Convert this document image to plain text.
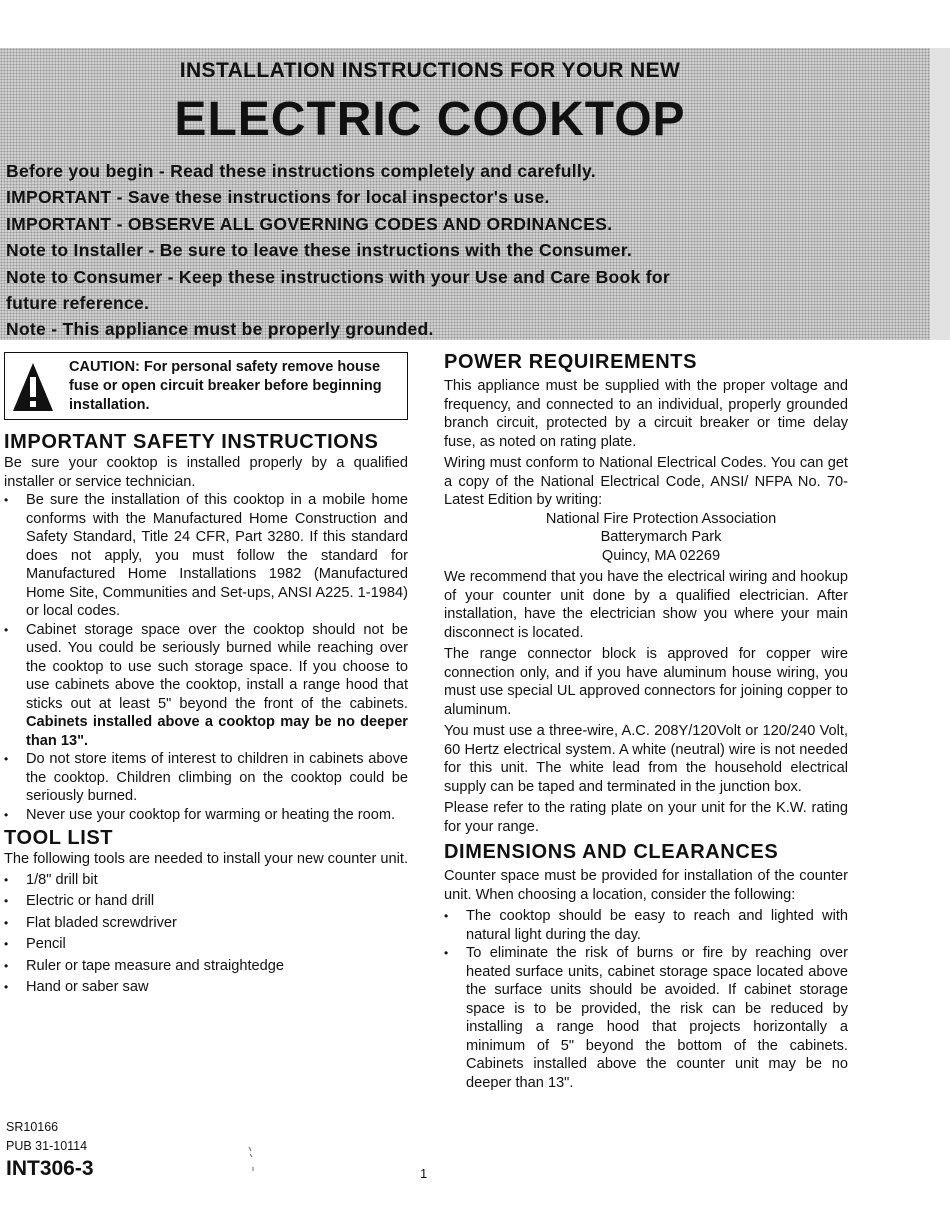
INSTALLATION INSTRUCTIONS FOR YOUR NEW
ELECTRIC COOKTOP
Before you begin - Read these instructions completely and carefully.
IMPORTANT - Save these instructions for local inspector's use.
IMPORTANT - OBSERVE ALL GOVERNING CODES AND ORDINANCES.
Note to Installer - Be sure to leave these instructions with the Consumer.
Note to Consumer - Keep these instructions with your Use and Care Book for
future reference.
Note - This appliance must be properly grounded.
CAUTION: For personal safety remove house fuse or open circuit breaker before beginning installation.
IMPORTANT SAFETY INSTRUCTIONS

Be sure your cooktop is installed properly by a qualified installer or service technician.

• Be sure the installation of this cooktop in a mobile home conforms with the Manufactured Home Construction and Safety Standard, Title 24 CFR, Part 3280. If this standard does not apply, you must follow the standard for Manufactured Home Installations 1982 (Manufactured Home Site, Communities and Set-ups, ANSI A225. 1-1984) or local codes.
• Cabinet storage space over the cooktop should not be used. You could be seriously burned while reaching over the cooktop to use such storage space. If you choose to use cabinets above the cooktop, install a range hood that sticks out at least 5" beyond the front of the cabinets. Cabinets installed above a cooktop may be no deeper than 13".
• Do not store items of interest to children in cabinets above the cooktop. Children climbing on the cooktop could be seriously burned.
• Never use your cooktop for warming or heating the room.
TOOL LIST

The following tools are needed to install your new counter unit.

• 1/8" drill bit
• Electric or hand drill
• Flat bladed screwdriver
• Pencil
• Ruler or tape measure and straightedge
• Hand or saber saw
POWER REQUIREMENTS

This appliance must be supplied with the proper voltage and frequency, and connected to an individual, properly grounded branch circuit, protected by a circuit breaker or time delay fuse, as noted on rating plate.

Wiring must conform to National Electrical Codes. You can get a copy of the National Electrical Code, ANSI/ NFPA No. 70-Latest Edition by writing:

National Fire Protection Association
Batterymarch Park
Quincy, MA 02269

We recommend that you have the electrical wiring and hookup of your counter unit done by a qualified electrician. After installation, have the electrician show you where your main disconnect is located.

The range connector block is approved for copper wire connection only, and if you have aluminum house wiring, you must use special UL approved connectors for joining copper to aluminum.

You must use a three-wire, A.C. 208Y/120Volt or 120/240 Volt, 60 Hertz electrical system. A white (neutral) wire is not needed for this unit. The white lead from the household electrical supply can be taped and terminated in the junction box.

Please refer to the rating plate on your unit for the K.W. rating for your range.

DIMENSIONS AND CLEARANCES

Counter space must be provided for installation of the counter unit. When choosing a location, consider the following:

• The cooktop should be easy to reach and lighted with natural light during the day.
• To eliminate the risk of burns or fire by reaching over heated surface units, cabinet storage space located above the surface units should be avoided. If cabinet storage space is to be provided, the risk can be reduced by installing a range hood that projects horizontally a minimum of 5" beyond the bottom of the cabinets. Cabinets installed above the counter unit may be no deeper than 13".
SR10166
PUB 31-10114
INT306-3	1
